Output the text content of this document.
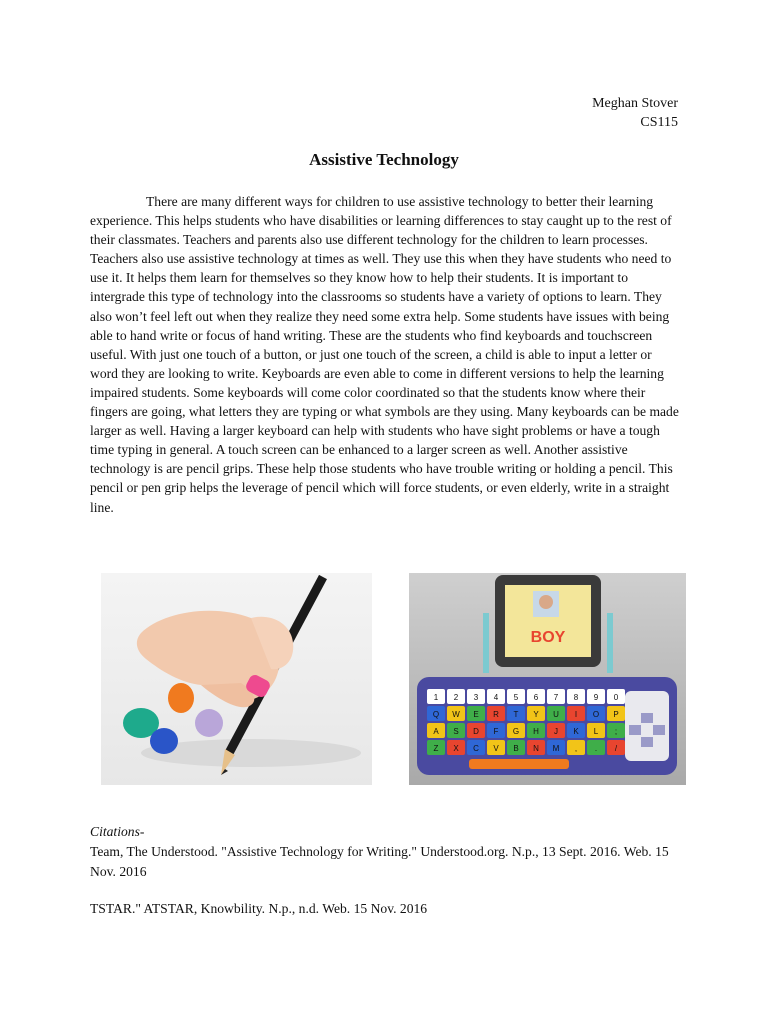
Meghan Stover
CS115
Assistive Technology
There are many different ways for children to use assistive technology to better their learning experience. This helps students who have disabilities or learning differences to stay caught up to the rest of their classmates. Teachers and parents also use different technology for the children to learn processes. Teachers also use assistive technology at times as well. They use this when they have students who need to use it. It helps them learn for themselves so they know how to help their students. It is important to intergrade this type of technology into the classrooms so students have a variety of options to learn. They also won’t feel left out when they realize they need some extra help. Some students have issues with being able to hand write or focus of hand writing. These are the students who find keyboards and touchscreen useful. With just one touch of a button, or just one touch of the screen, a child is able to input a letter or word they are looking to write. Keyboards are even able to come in different versions to help the learning impaired students. Some keyboards will come color coordinated so that the students know where their fingers are going, what letters they are typing or what symbols are they using. Many keyboards can be made larger as well. Having a larger keyboard can help with students who have sight problems or have a tough time typing in general. A touch screen can be enhanced to a larger screen as well. Another assistive technology is are pencil grips. These help those students who have trouble writing or holding a pencil. This pencil or pen grip helps the leverage of pencil which will force students, or even elderly, write in a straight line.
BOY
1 2 3 4 5 6 7 8 9 0
Q W E R T Y U I O P
A S D F G H J K L ;
Z X C V B N M , . /
Citations-
Team, The Understood. "Assistive Technology for Writing." Understood.org. N.p., 13 Sept. 2016. Web. 15 Nov. 2016
TSTAR." ATSTAR, Knowbility. N.p., n.d. Web. 15 Nov. 2016
